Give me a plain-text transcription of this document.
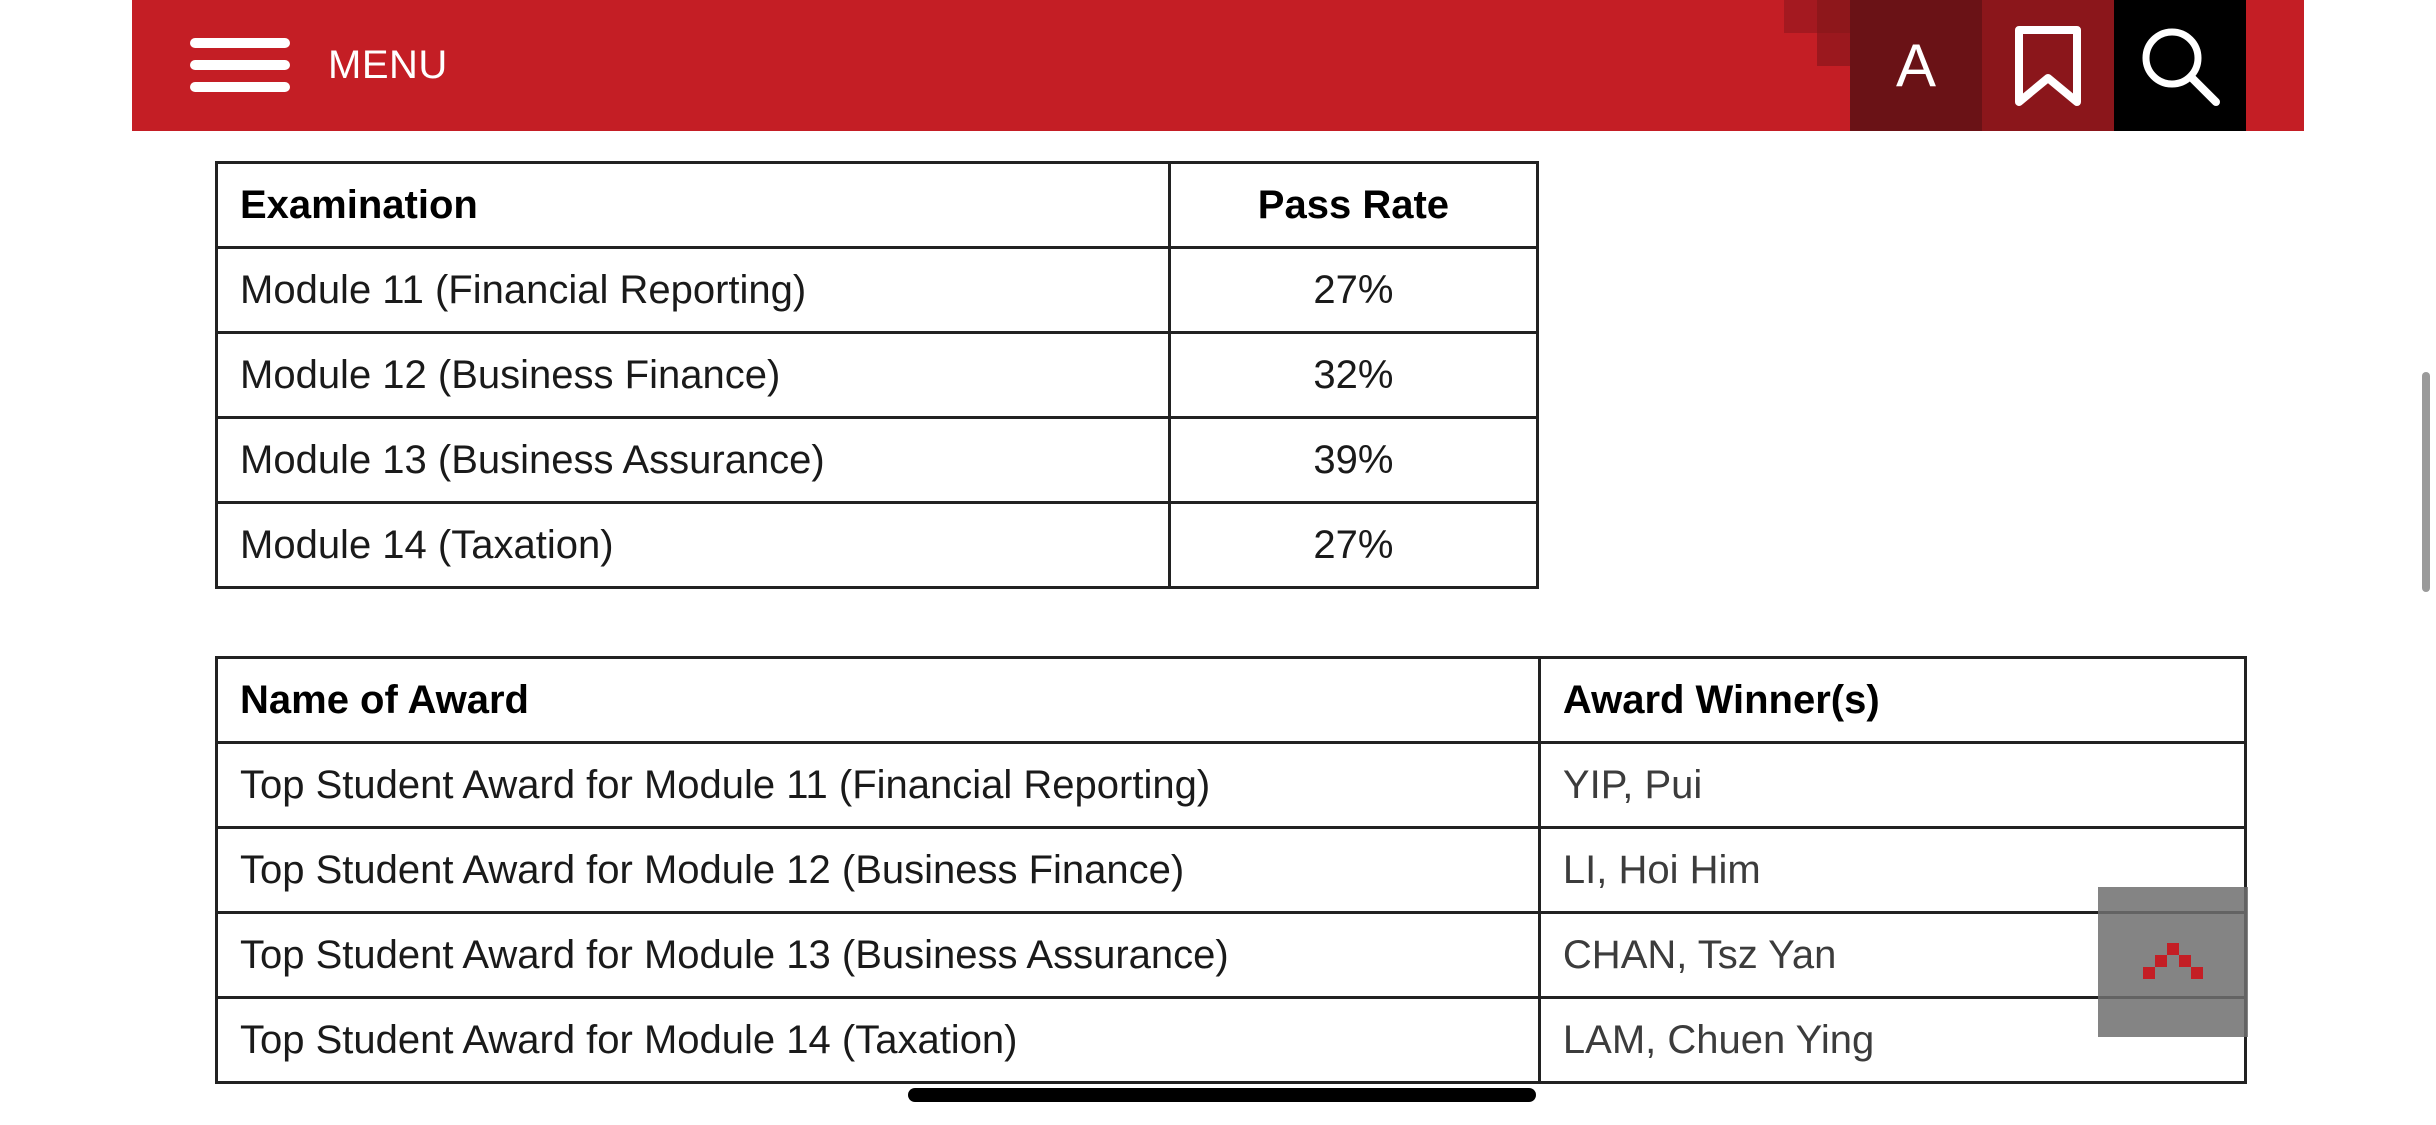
MENU	A
Examination	Pass Rate
Module 11 (Financial Reporting)	27%
Module 12 (Business Finance)	32%
Module 13 (Business Assurance)	39%
Module 14 (Taxation)	27%
Name of Award	Award Winner(s)
Top Student Award for Module 11 (Financial Reporting)	YIP, Pui
Top Student Award for Module 12 (Business Finance)	LI, Hoi Him
Top Student Award for Module 13 (Business Assurance)	CHAN, Tsz Yan
Top Student Award for Module 14 (Taxation)	LAM, Chuen Ying
